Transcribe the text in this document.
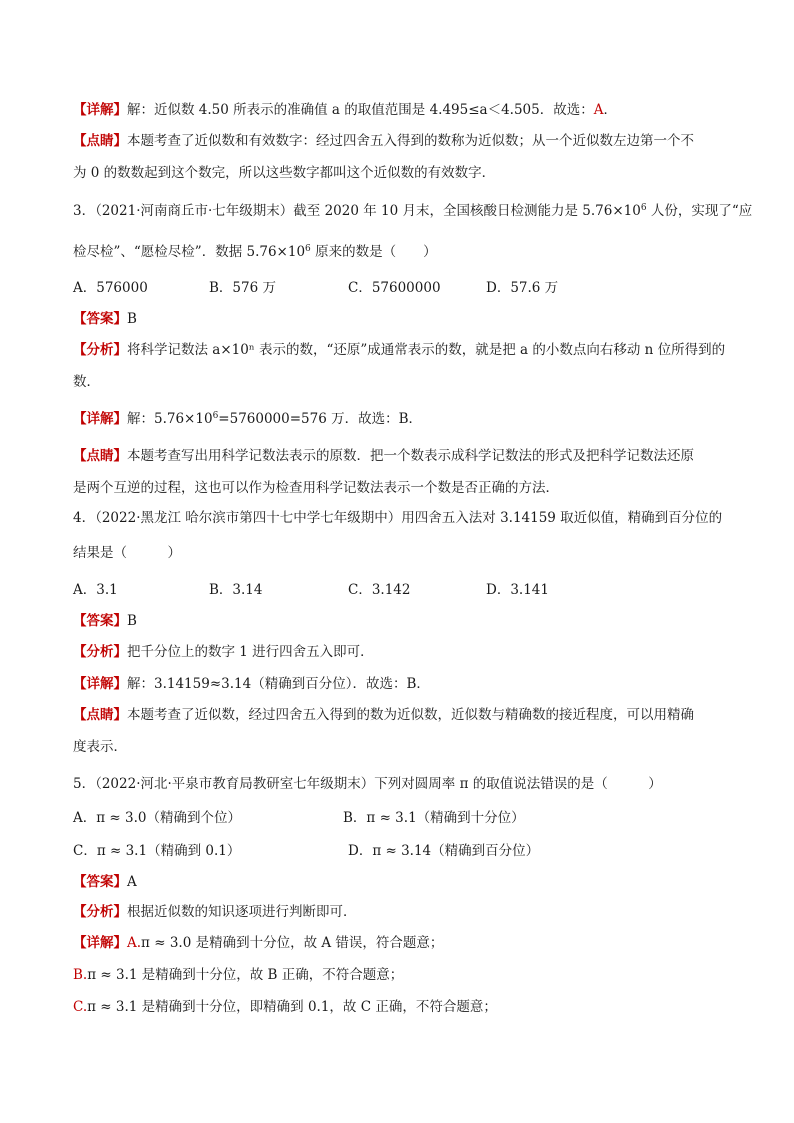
【详解】解：近似数 4.50 所表示的准确值 a 的取值范围是 4.495≤a＜4.505．故选：A．
【点睛】本题考查了近似数和有效数字：经过四舍五入得到的数称为近似数；从一个近似数左边第一个不
为 0 的数数起到这个数完，所以这些数字都叫这个近似数的有效数字．
3．（2021·河南商丘市·七年级期末）截至 2020 年 10 月末，全国核酸日检测能力是 $5.76\times 10^6$ 人份，实现了“应
检尽检”、“愿检尽检”．数据 $5.76\times 10^6$ 原来的数是（　　）
A．576000	B．576 万	C．57600000	D．57.6 万
【答案】B
【分析】将科学记数法 a×10ⁿ 表示的数，“还原”成通常表示的数，就是把 a 的小数点向右移动 n 位所得到的
数．
【详解】解：$5.76\times 10^6=5760000=576$ 万．故选：B．
【点睛】本题考查写出用科学记数法表示的原数．把一个数表示成科学记数法的形式及把科学记数法还原
是两个互逆的过程，这也可以作为检查用科学记数法表示一个数是否正确的方法．
4．（2022·黑龙江 哈尔滨市第四十七中学七年级期中）用四舍五入法对 3.14159 取近似值，精确到百分位的
结果是（　　　）
A．3.1	B．3.14	C．3.142	D．3.141
【答案】B
【分析】把千分位上的数字 1 进行四舍五入即可．
【详解】解：3.14159≈3.14（精确到百分位）．故选：B．
【点睛】本题考查了近似数，经过四舍五入得到的数为近似数，近似数与精确数的接近程度，可以用精确
度表示．
5．（2022·河北·平泉市教育局教研室七年级期末）下列对圆周率 π 的取值说法错误的是（　　　）
A．π ≈ 3.0（精确到个位）	B．π ≈ 3.1（精确到十分位）
C．π ≈ 3.1（精确到 0.1）	D．π ≈ 3.14（精确到百分位）
【答案】A
【分析】根据近似数的知识逐项进行判断即可．
【详解】A.π ≈ 3.0 是精确到十分位，故 A 错误，符合题意；
B.π ≈ 3.1 是精确到十分位，故 B 正确，不符合题意；
C.π ≈ 3.1 是精确到十分位，即精确到 0.1，故 C 正确，不符合题意；
